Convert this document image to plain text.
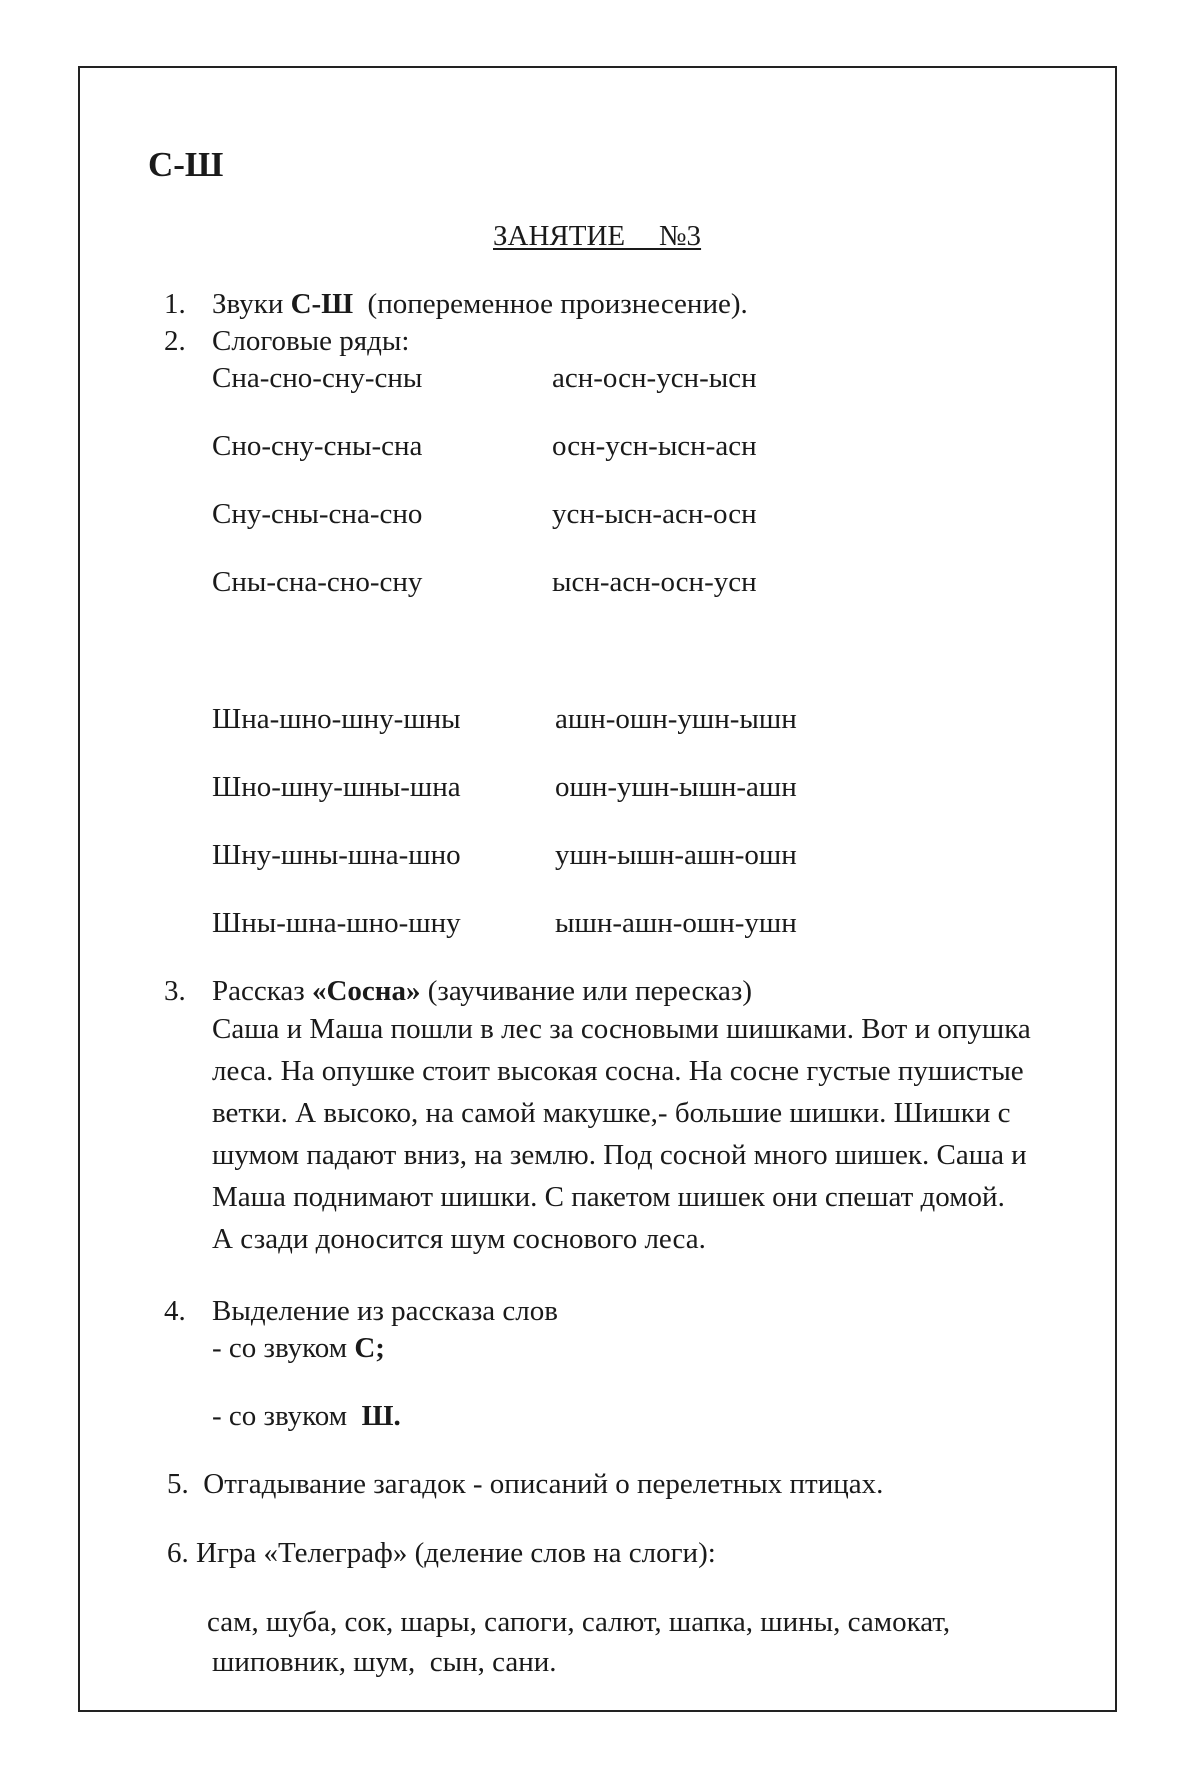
С-Ш
ЗАНЯТИЕ   №3
1. Звуки С-Ш  (попеременное произнесение).
2. Слоговые ряды:
Сна-сно-сну-сны	асн-осн-усн-ысн
Сно-сну-сны-сна	осн-усн-ысн-асн
Сну-сны-сна-сно	усн-ысн-асн-осн
Сны-сна-сно-сну	ысн-асн-осн-усн
Шна-шно-шну-шны	ашн-ошн-ушн-ышн
Шно-шну-шны-шна	ошн-ушн-ышн-ашн
Шну-шны-шна-шно	ушн-ышн-ашн-ошн
Шны-шна-шно-шну	ышн-ашн-ошн-ушн
3. Рассказ «Сосна» (заучивание или пересказ)

Саша и Маша пошли в лес за сосновыми шишками. Вот и опушка

леса. На опушке стоит высокая сосна. На сосне густые пушистые

ветки. А высоко, на самой макушке,- большие шишки. Шишки с

шумом падают вниз, на землю. Под сосной много шишек. Саша и

Маша поднимают шишки. С пакетом шишек они спешат домой.

А сзади доносится шум соснового леса.

4. Выделение из рассказа слов
- со звуком С;
- со звуком  Ш.
5.  Отгадывание загадок - описаний о перелетных птицах.
6. Игра «Телеграф» (деление слов на слоги):
сам, шуба, сок, шары, сапоги, салют, шапка, шины, самокат,
шиповник, шум,  сын, сани.
